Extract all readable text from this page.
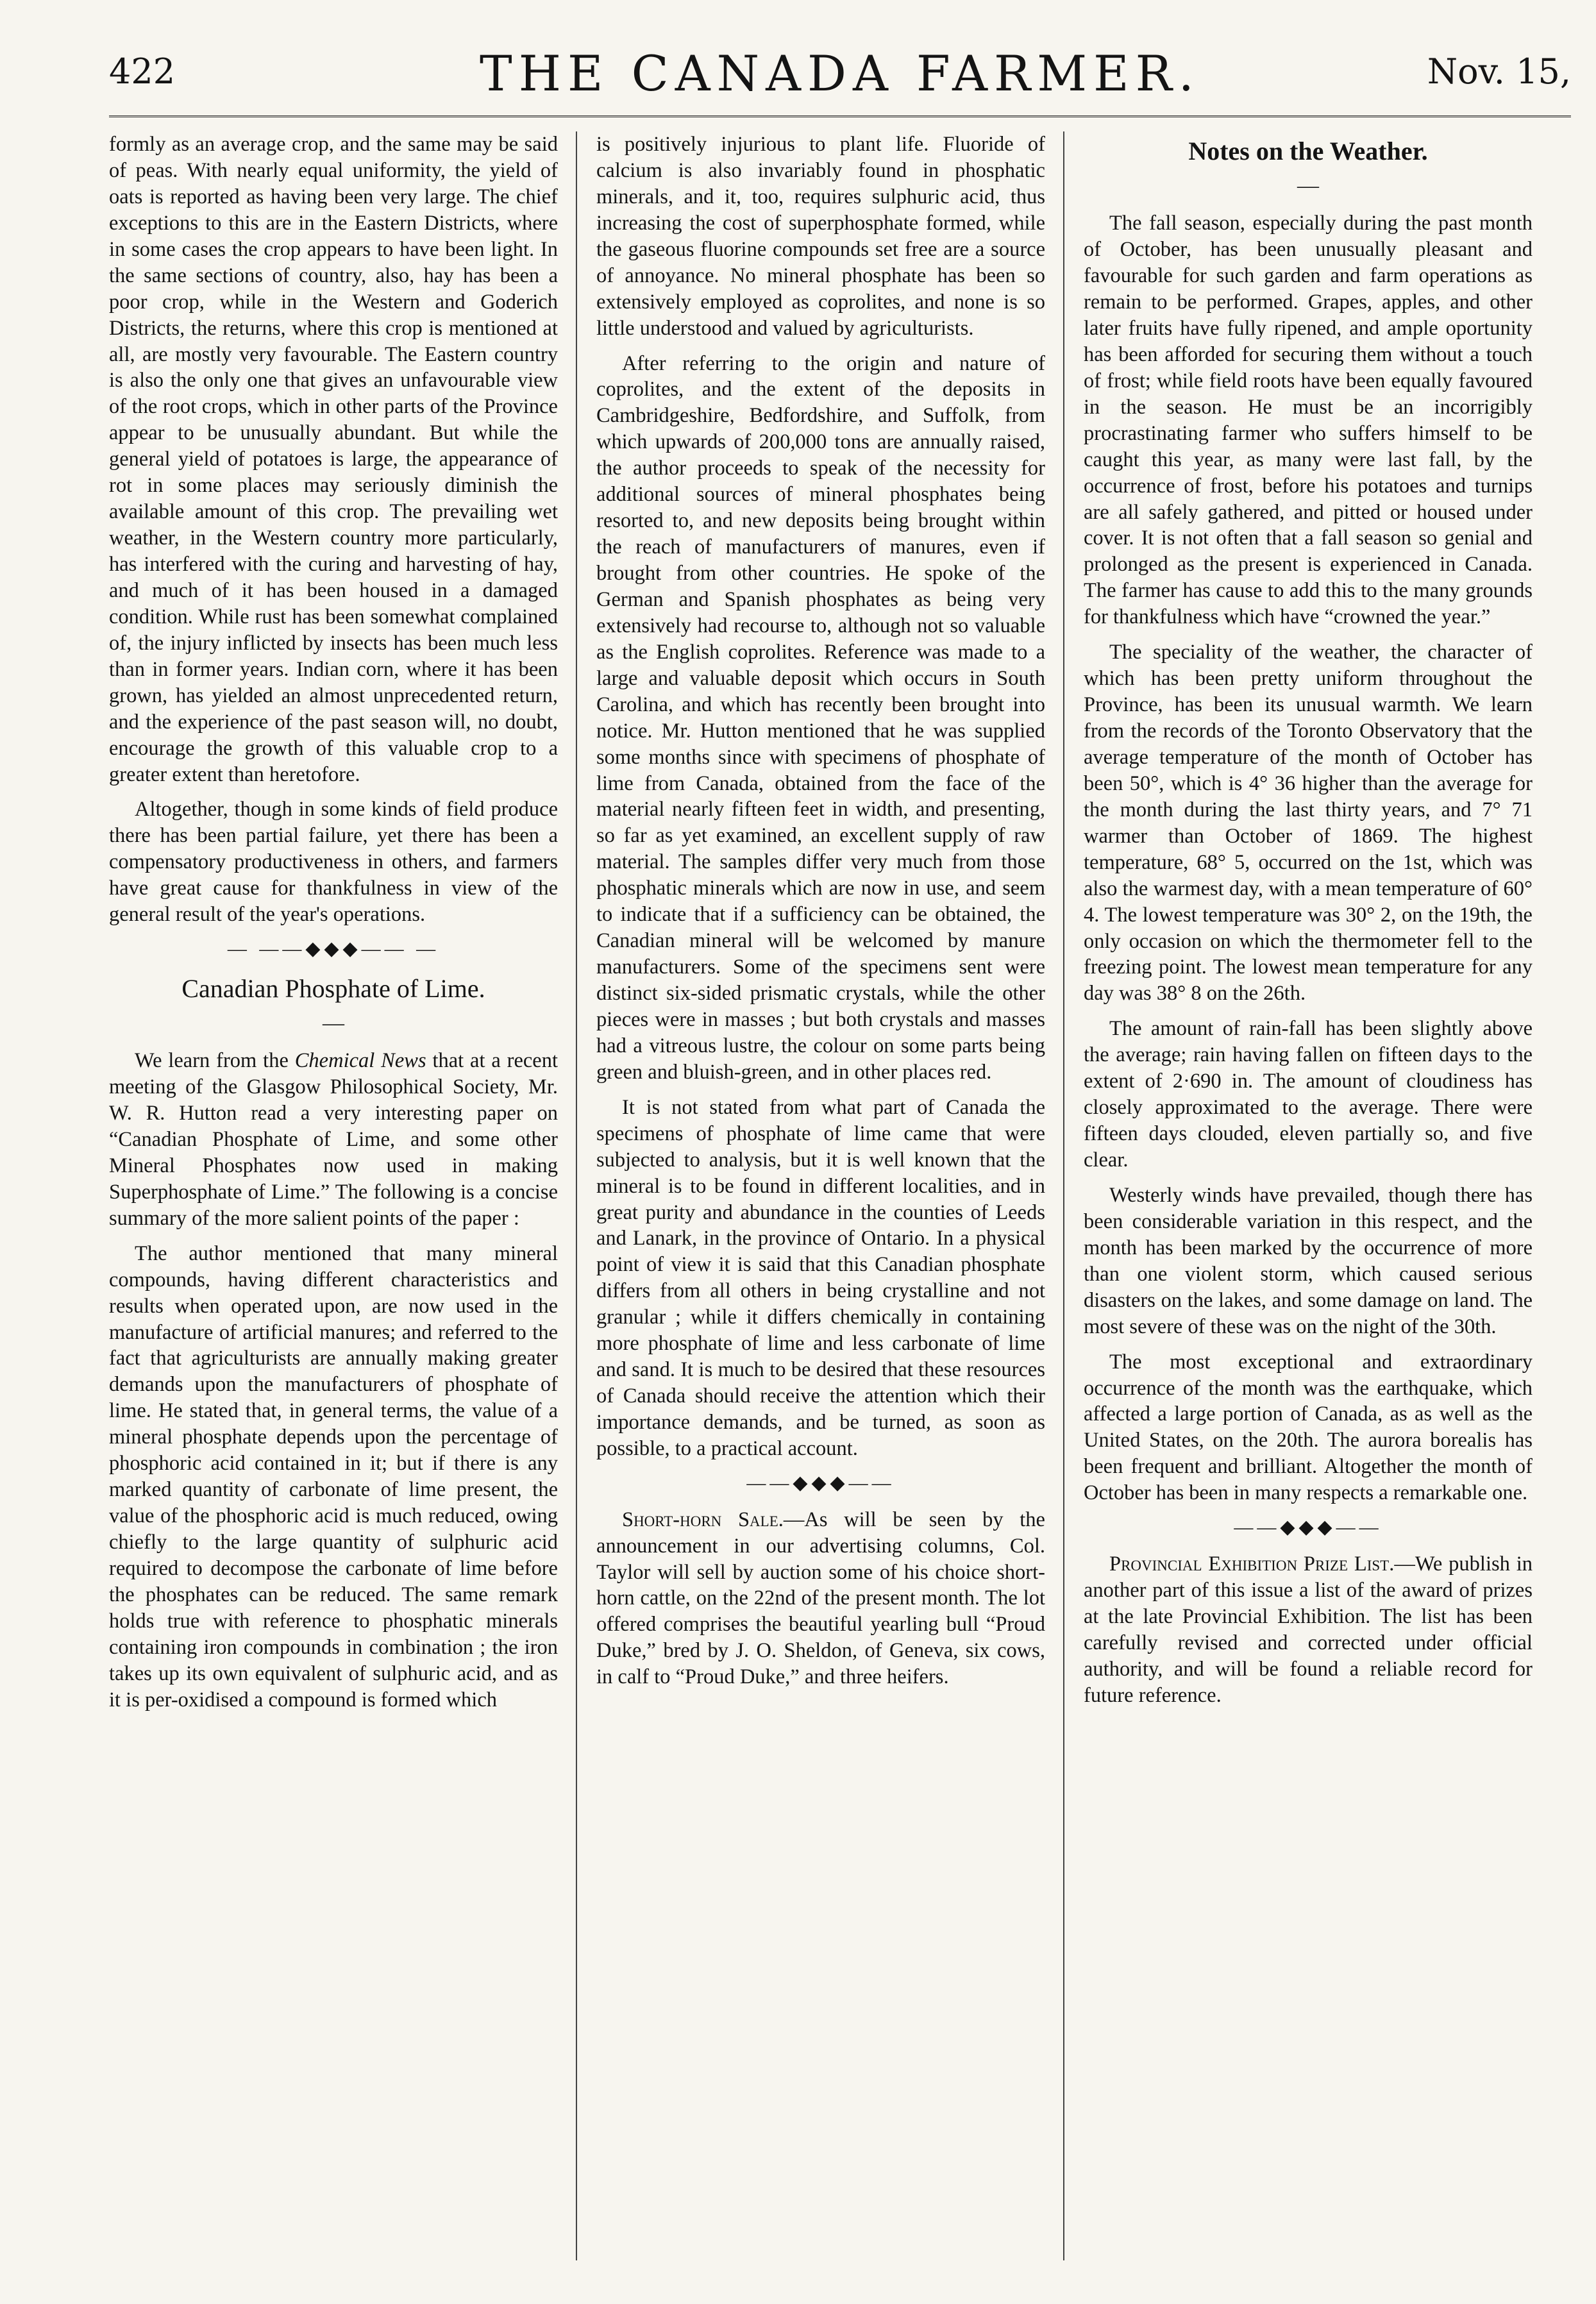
422	THE CANADA FARMER.	Nov. 15,

formly as an average crop, and the same may be said of peas. With nearly equal uniformity, the yield of oats is reported as having been very large. The chief exceptions to this are in the Eastern Districts, where in some cases the crop appears to have been light. In the same sections of country, also, hay has been a poor crop, while in the Western and Goderich Districts, the returns, where this crop is mentioned at all, are mostly very favourable. The Eastern country is also the only one that gives an unfavourable view of the root crops, which in other parts of the Province appear to be unusually abundant. But while the general yield of potatoes is large, the appearance of rot in some places may seriously diminish the available amount of this crop. The prevailing wet weather, in the Western country more particularly, has interfered with the curing and harvesting of hay, and much of it has been housed in a damaged condition. While rust has been somewhat complained of, the injury inflicted by insects has been much less than in former years. Indian corn, where it has been grown, has yielded an almost unprecedented return, and the experience of the past season will, no doubt, encourage the growth of this valuable crop to a greater extent than heretofore.

Altogether, though in some kinds of field produce there has been partial failure, yet there has been a compensatory productiveness in others, and farmers have great cause for thankfulness in view of the general result of the year's operations.

— ——◆◆◆—— —
Canadian Phosphate of Lime.
—

We learn from the Chemical News that at a recent meeting of the Glasgow Philosophical Society, Mr. W. R. Hutton read a very interesting paper on “Canadian Phosphate of Lime, and some other Mineral Phosphates now used in making Superphosphate of Lime.” The following is a concise summary of the more salient points of the paper :

The author mentioned that many mineral compounds, having different characteristics and results when operated upon, are now used in the manufacture of artificial manures; and referred to the fact that agriculturists are annually making greater demands upon the manufacturers of phosphate of lime. He stated that, in general terms, the value of a mineral phosphate depends upon the percentage of phosphoric acid contained in it; but if there is any marked quantity of carbonate of lime present, the value of the phosphoric acid is much reduced, owing chiefly to the large quantity of sulphuric acid required to decompose the carbonate of lime before the phosphates can be reduced. The same remark holds true with reference to phosphatic minerals containing iron compounds in combination ; the iron takes up its own equivalent of sulphuric acid, and as it is per-oxidised a compound is formed which

is positively injurious to plant life. Fluoride of calcium is also invariably found in phosphatic minerals, and it, too, requires sulphuric acid, thus increasing the cost of superphosphate formed, while the gaseous fluorine compounds set free are a source of annoyance. No mineral phosphate has been so extensively employed as coprolites, and none is so little understood and valued by agriculturists.

After referring to the origin and nature of coprolites, and the extent of the deposits in Cambridgeshire, Bedfordshire, and Suffolk, from which upwards of 200,000 tons are annually raised, the author proceeds to speak of the necessity for additional sources of mineral phosphates being resorted to, and new deposits being brought within the reach of manufacturers of manures, even if brought from other countries. He spoke of the German and Spanish phosphates as being very extensively had recourse to, although not so valuable as the English coprolites. Reference was made to a large and valuable deposit which occurs in South Carolina, and which has recently been brought into notice. Mr. Hutton mentioned that he was supplied some months since with specimens of phosphate of lime from Canada, obtained from the face of the material nearly fifteen feet in width, and presenting, so far as yet examined, an excellent supply of raw material. The samples differ very much from those phosphatic minerals which are now in use, and seem to indicate that if a sufficiency can be obtained, the Canadian mineral will be welcomed by manure manufacturers. Some of the specimens sent were distinct six-sided prismatic crystals, while the other pieces were in masses ; but both crystals and masses had a vitreous lustre, the colour on some parts being green and bluish-green, and in other places red.

It is not stated from what part of Canada the specimens of phosphate of lime came that were subjected to analysis, but it is well known that the mineral is to be found in different localities, and in great purity and abundance in the counties of Leeds and Lanark, in the province of Ontario. In a physical point of view it is said that this Canadian phosphate differs from all others in being crystalline and not granular ; while it differs chemically in containing more phosphate of lime and less carbonate of lime and sand. It is much to be desired that these resources of Canada should receive the attention which their importance demands, and be turned, as soon as possible, to a practical account.

——◆◆◆——

Short-horn Sale.—As will be seen by the announcement in our advertising columns, Col. Taylor will sell by auction some of his choice short-horn cattle, on the 22nd of the present month. The lot offered comprises the beautiful yearling bull “Proud Duke,” bred by J. O. Sheldon, of Geneva, six cows, in calf to “Proud Duke,” and three heifers.

Notes on the Weather.
—

The fall season, especially during the past month of October, has been unusually pleasant and favourable for such garden and farm operations as remain to be performed. Grapes, apples, and other later fruits have fully ripened, and ample oportunity has been afforded for securing them without a touch of frost; while field roots have been equally favoured in the season. He must be an incorrigibly procrastinating farmer who suffers himself to be caught this year, as many were last fall, by the occurrence of frost, before his potatoes and turnips are all safely gathered, and pitted or housed under cover. It is not often that a fall season so genial and prolonged as the present is experienced in Canada. The farmer has cause to add this to the many grounds for thankfulness which have “crowned the year.”

The speciality of the weather, the character of which has been pretty uniform throughout the Province, has been its unusual warmth. We learn from the records of the Toronto Observatory that the average temperature of the month of October has been 50°, which is 4° 36 higher than the average for the month during the last thirty years, and 7° 71 warmer than October of 1869. The highest temperature, 68° 5, occurred on the 1st, which was also the warmest day, with a mean temperature of 60° 4. The lowest temperature was 30° 2, on the 19th, the only occasion on which the thermometer fell to the freezing point. The lowest mean temperature for any day was 38° 8 on the 26th.

The amount of rain-fall has been slightly above the average; rain having fallen on fifteen days to the extent of 2·690 in. The amount of cloudiness has closely approximated to the average. There were fifteen days clouded, eleven partially so, and five clear.

Westerly winds have prevailed, though there has been considerable variation in this respect, and the month has been marked by the occurrence of more than one violent storm, which caused serious disasters on the lakes, and some damage on land. The most severe of these was on the night of the 30th.

The most exceptional and extraordinary occurrence of the month was the earthquake, which affected a large portion of Canada, as as well as the United States, on the 20th. The aurora borealis has been frequent and brilliant. Altogether the month of October has been in many respects a remarkable one.

——◆◆◆——

Provincial Exhibition Prize List.—We publish in another part of this issue a list of the award of prizes at the late Provincial Exhibition. The list has been carefully revised and corrected under official authority, and will be found a reliable record for future reference.
